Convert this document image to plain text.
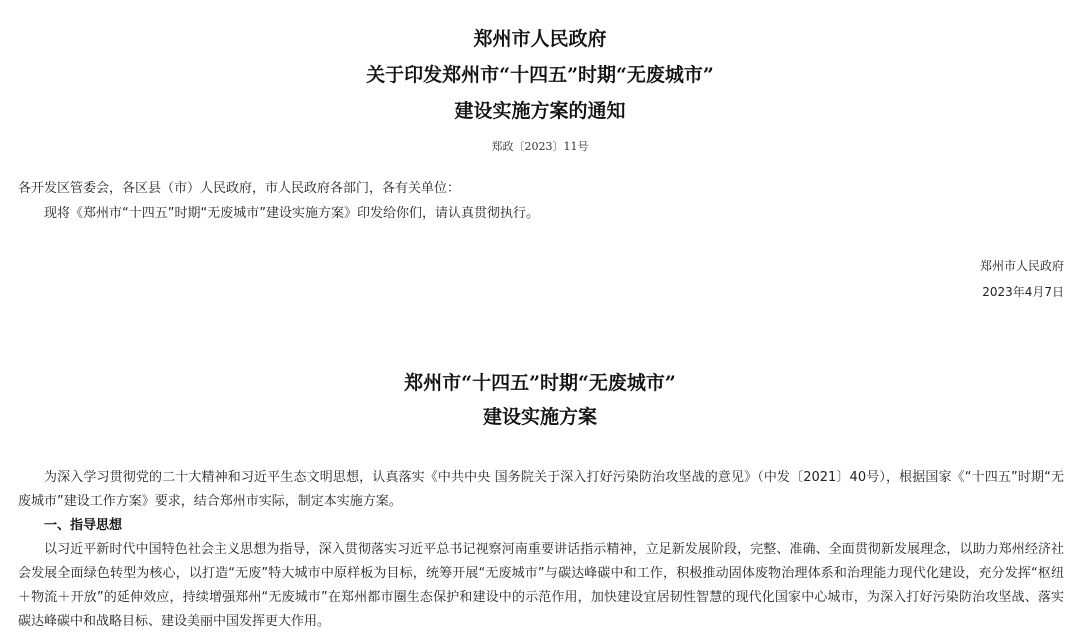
郑州市人民政府
关于印发郑州市“十四五”时期“无废城市”
建设实施方案的通知
郑政〔2023〕11号
各开发区管委会，各区县（市）人民政府，市人民政府各部门，各有关单位：
现将《郑州市“十四五”时期“无废城市”建设实施方案》印发给你们，请认真贯彻执行。
郑州市人民政府
2023年4月7日
郑州市“十四五”时期“无废城市”
建设实施方案

为深入学习贯彻党的二十大精神和习近平生态文明思想，认真落实《中共中央 国务院关于深入打好污染防治攻坚战的意见》（中发〔2021〕40号），根据国家《“十四五”时期“无废城市”建设工作方案》要求，结合郑州市实际，制定本实施方案。

一、指导思想

以习近平新时代中国特色社会主义思想为指导，深入贯彻落实习近平总书记视察河南重要讲话指示精神，立足新发展阶段，完整、准确、全面贯彻新发展理念，以助力郑州经济社会发展全面绿色转型为核心，以打造“无废”特大城市中原样板为目标，统筹开展“无废城市”与碳达峰碳中和工作，积极推动固体废物治理体系和治理能力现代化建设，充分发挥“枢纽＋物流＋开放”的延伸效应，持续增强郑州“无废城市”在郑州都市圈生态保护和建设中的示范作用，加快建设宜居韧性智慧的现代化国家中心城市，为深入打好污染防治攻坚战、落实碳达峰碳中和战略目标、建设美丽中国发挥更大作用。
